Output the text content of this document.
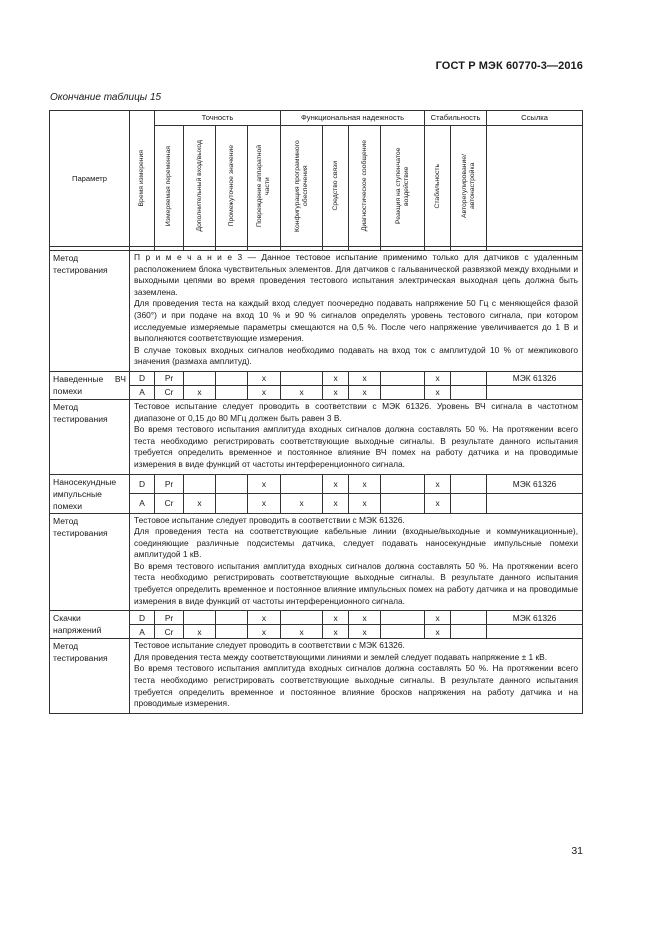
ГОСТ Р МЭК 60770-3—2016
Окончание таблицы 15
Параметр	Время измерения	Точность				Функциональная надежность				Стабильность		Ссылка

		Измеряемая переменная	Дополнительный вход/выход	Промежуточное значение	Повреждение аппаратной части	Конфигурация программного обеспечения	Средство связи	Диагностическое сообщение	Реакция на ступенчатое воздействие	Стабильность	Авторегулирование/автонастройка	

Метод тестирования	П р и м е ч а н и е 3 — Данное тестовое испытание применимо только для датчиков с удаленным расположением блока чувствительных элементов. Для датчиков с гальванической развязкой между входными и выходными цепями во время проведения тестового испытания электрическая выходная цепь должна быть заземлена.

Для проведения теста на каждый вход следует поочередно подавать напряжение 50 Гц с меняющейся фазой (360°) и при подаче на вход 10 % и 90 % сигналов определять уровень тестового сигнала, при котором исследуемые измеряемые параметры смещаются на 0,5 %. После чего напряжение увеличивается до 1 В и выполняются соответствующие измерения.

В случае токовых входных сигналов необходимо подавать на вход ток с амплитудой 10 % от межпикового значения (размаха амплитуд).											

Наведенные ВЧ помехи	D	Pr			x		x	x		x		МЭК 61326
	A	Cr	x		x	x	x	x		x		
Метод тестирования	Тестовое испытание следует проводить в соответствии с МЭК 61326. Уровень ВЧ сигнала в частотном диапазоне от 0,15 до 80 МГц должен быть равен 3 В.

Во время тестового испытания амплитуда входных сигналов должна составлять 50 %. На протяжении всего теста необходимо регистрировать соответствующие выходные сигналы. В результате данного испытания требуется определить временное и постоянное влияние ВЧ помех на работу датчика и на проводимые измерения в виде функций от частоты интерференционного сигнала.											

Наносекундные импульсные помехи	D	Pr			x		x	x		x		МЭК 61326
	A	Cr	x		x	x	x	x		x		
Метод тестирования	Тестовое испытание следует проводить в соответствии с МЭК 61326.

Для проведения теста на соответствующие кабельные линии (входные/выходные и коммуникационные), соединяющие различные подсистемы датчика, следует подавать наносекундные импульсные помехи амплитудой 1 кВ.

Во время тестового испытания амплитуда входных сигналов должна составлять 50 %. На протяжении всего теста необходимо регистрировать соответствующие выходные сигналы. В результате данного испытания требуется определить временное и постоянное влияние импульсных помех на работу датчика и на проводимые измерения в виде функций от частоты интерференционного сигнала.											

Скачки напряжений	D	Pr			x		x	x		x		МЭК 61326
	A	Cr	x		x	x	x	x		x		
Метод тестирования	Тестовое испытание следует проводить в соответствии с МЭК 61326.

Для проведения теста между соответствующими линиями и землей следует подавать напряжение ± 1 кВ.

Во время тестового испытания амплитуда входных сигналов должна составлять 50 %. На протяжении всего теста необходимо регистрировать соответствующие выходные сигналы. В результате данного испытания требуется определить временное и постоянное влияние бросков напряжения на работу датчика и на проводимые измерения.											

31
